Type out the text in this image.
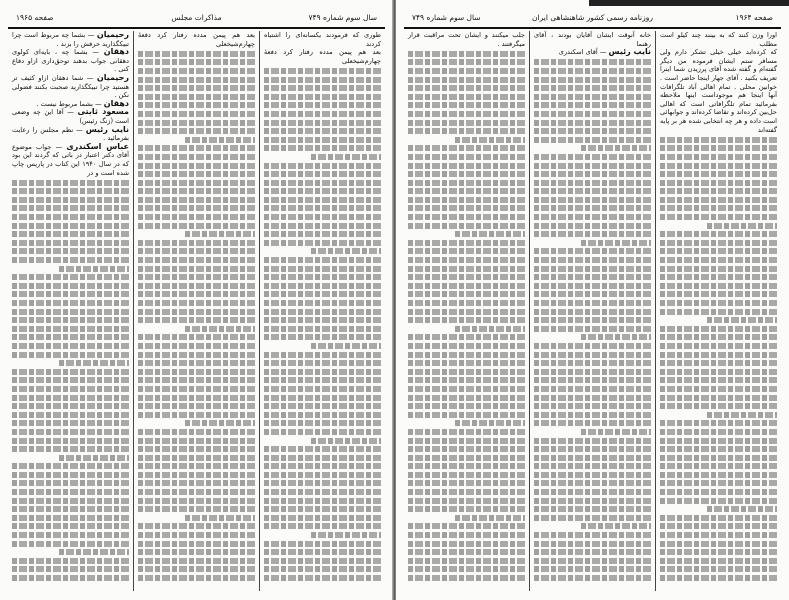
سال سوم شماره ۷۴۹
مذاکرات مجلس
صفحه ۱۹۶۵

طوری که فرمودند یکسانه‌ای را اشتباه کردند

بعد هم پیمن مدده رفتار کرد دفعهٔ چهارم‌شیخعلی

بعد هم پیمن مدده رفتار کرد دفعهٔ چهارم‌شیخعلی

رحیمیان — بشما چه مربوط است چرا تبیکگذارید حرفش را بزند .

دهقان — بشما چه ، بایه‌ای کولوی دهقانی جواب بدهند توحق‌داری ازاو دفاع کنی .

رحیمیان — شما دهقان ازاو کثیف تر هستید چرا تبیکگذارید صحبت بکنند فضولی نکن .

دهقان — بشما مربوط نیست .

مسعود ثابتی — آقا این چه وضعی است (زنگ رئیس)

نایب رئیس — نظم مجلس را رعایت بفرمائید .

عباس اسکندری — جواب موضوع آقای دکتر اعتبار در باتی که گردند این بود که در سال ۱۹۴۰ این کتاب در پاریس چاپ شده است و در

صفحه ۱۹۶۴
روزنامه رسمی کشور شاهنشاهی ایران
سال سوم شماره ۷۴۹

اورا وزن کنند که به بینند چند کیلو است مطلب

که کرده‌اید خیلی خیلی تشکر دارم ولی مسافر ستم ایشان فرموده من دیگر گفته‌ام و گفته شده آقای پرزیدن شما اینرا تعریف بکنید . آقای جهار اینجا حاضر است . خوانین محلی . تمام اهالی آباد تلگرافات آنها اینجا هم موجوداست اینها ملاحظه بفرمائید تمام تلگرافاتی است که اهالی حل‌بین کرده‌اند و تقاضا کرده‌اند و جوابهائی است داده و هر چه انتخابی شده هر بر پایه گفته‌اند

خانه آنوقت ایشان آقایان بودند ، آقای رهنما

نایب رئیس — آقای اسکندری

جلب میکنند و ایشان تحت مراقبت قرار میگرفتند .
